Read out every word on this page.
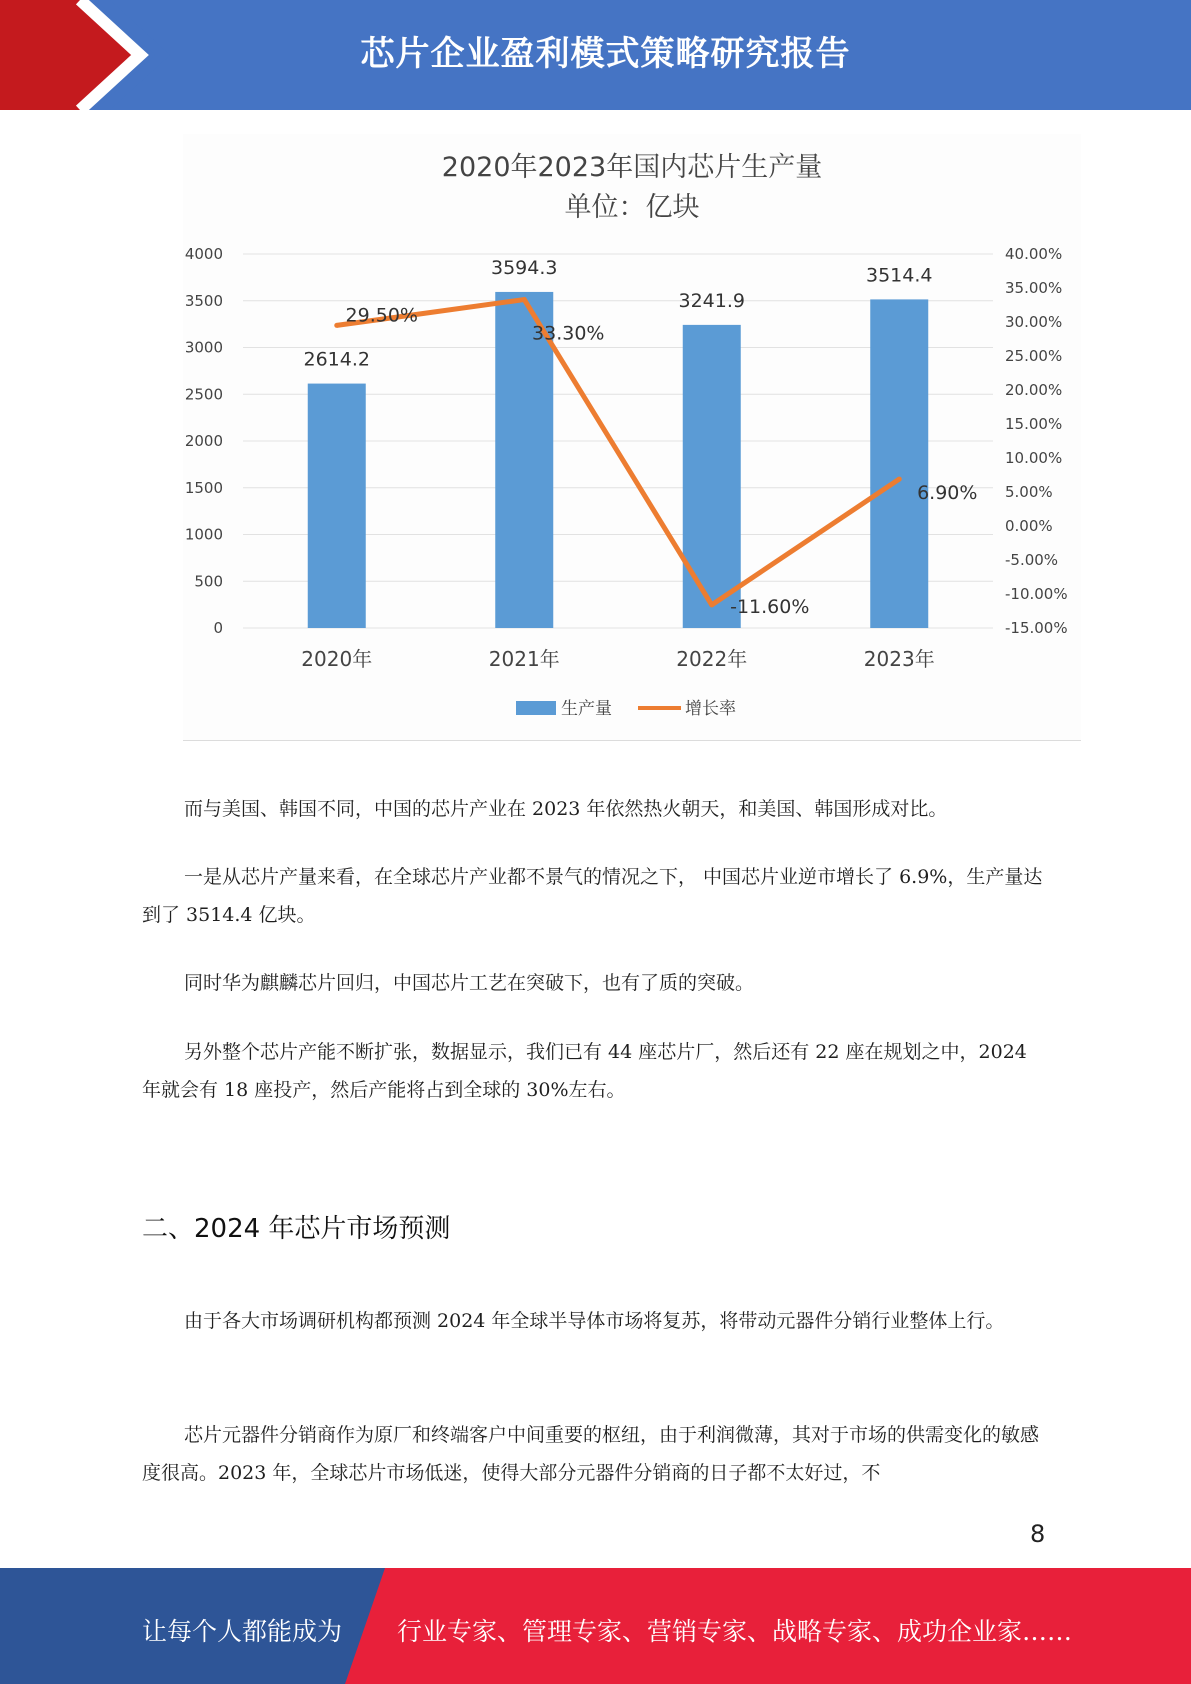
芯片企业盈利模式策略研究报告
2020年2023年国内芯片生产量
单位：亿块
0
500
1000
1500
2000
2500
3000
3500
4000
-15.00%
-10.00%
-5.00%
0.00%
5.00%
10.00%
15.00%
20.00%
25.00%
30.00%
35.00%
40.00%
2614.2
3594.3
3241.9
3514.4
2020年	2021年	2022年	2023年
29.50%
33.30%
-11.60%
6.90%
生产量	增长率

而与美国、韩国不同，中国的芯片产业在 2023 年依然热火朝天，和美国、韩国形成对比。

一是从芯片产量来看，在全球芯片产业都不景气的情况之下， 中国芯片业逆市增长了 6.9%，生产量达到了 3514.4 亿块。

同时华为麒麟芯片回归，中国芯片工艺在突破下，也有了质的突破。

另外整个芯片产能不断扩张，数据显示，我们已有 44 座芯片厂，然后还有 22 座在规划之中，2024 年就会有 18 座投产，然后产能将占到全球的 30%左右。

二、2024 年芯片市场预测

由于各大市场调研机构都预测 2024 年全球半导体市场将复苏，将带动元器件分销行业整体上行。

芯片元器件分销商作为原厂和终端客户中间重要的枢纽，由于利润微薄，其对于市场的供需变化的敏感度很高。2023 年，全球芯片市场低迷，使得大部分元器件分销商的日子都不太好过，不

8
让每个人都能成为 行业专家、管理专家、营销专家、战略专家、成功企业家……
